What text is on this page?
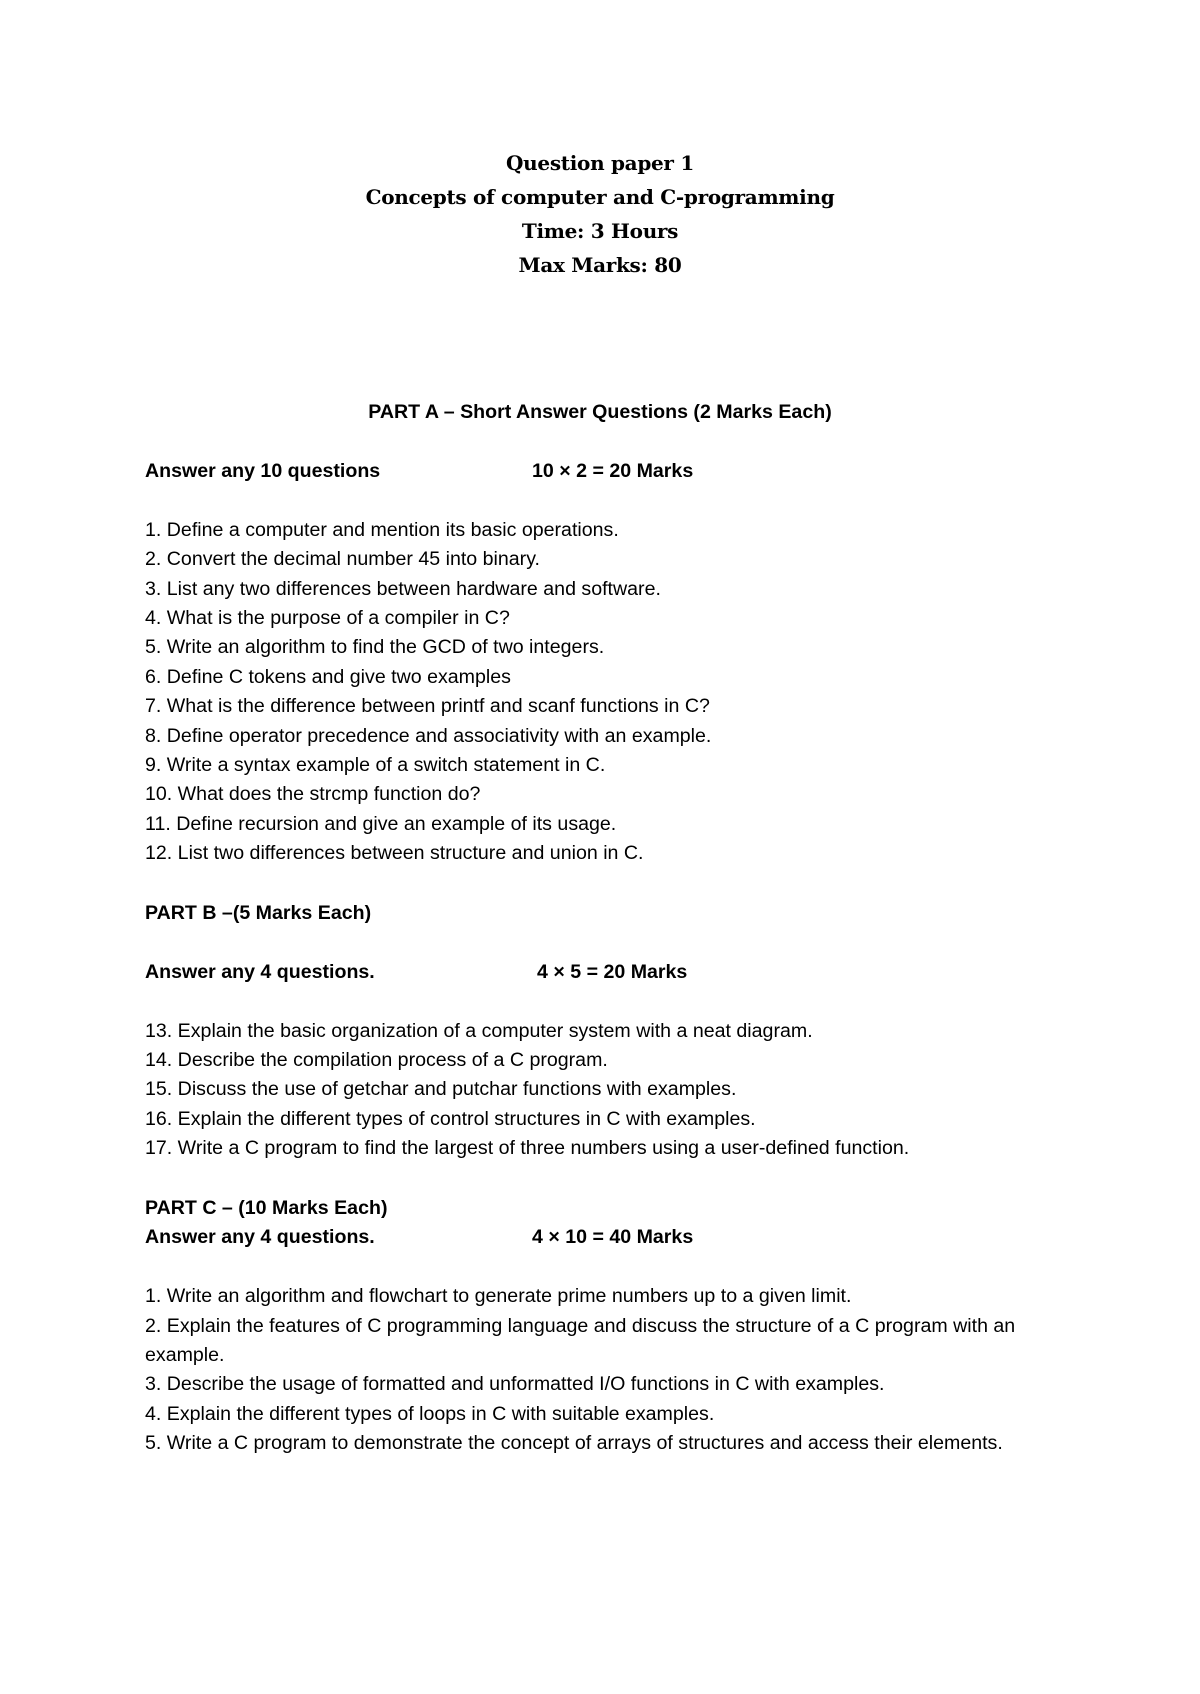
Question paper 1
Concepts of computer and C-programming
Time: 3 Hours
Max Marks: 80
PART A – Short Answer Questions (2 Marks Each)
Answer any 10 questions	10 × 2 = 20 Marks
1. Define a computer and mention its basic operations.
2. Convert the decimal number 45 into binary.
3. List any two differences between hardware and software.
4. What is the purpose of a compiler in C?
5. Write an algorithm to find the GCD of two integers.
6. Define C tokens and give two examples
7. What is the difference between printf and scanf functions in C?
8. Define operator precedence and associativity with an example.
9. Write a syntax example of a switch statement in C.
10. What does the strcmp function do?
11. Define recursion and give an example of its usage.
12. List two differences between structure and union in C.
PART B –(5 Marks Each)
Answer any 4 questions.	4 × 5 = 20 Marks
13. Explain the basic organization of a computer system with a neat diagram.
14. Describe the compilation process of a C program.
15. Discuss the use of getchar and putchar functions with examples.
16. Explain the different types of control structures in C with examples.
17. Write a C program to find the largest of three numbers using a user-defined function.
PART C – (10 Marks Each)
Answer any 4 questions.	4 × 10 = 40 Marks
1. Write an algorithm and flowchart to generate prime numbers up to a given limit.
2. Explain the features of C programming language and discuss the structure of a C program with an example.
3. Describe the usage of formatted and unformatted I/O functions in C with examples.
4. Explain the different types of loops in C with suitable examples.
5. Write a C program to demonstrate the concept of arrays of structures and access their elements.
